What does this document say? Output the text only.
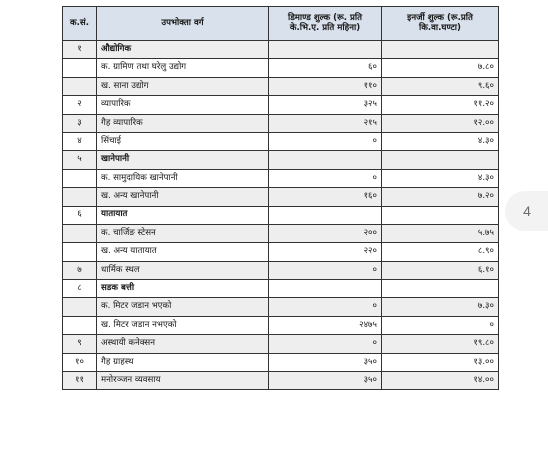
क.सं.	उपभोक्ता वर्ग	डिमाण्ड शुल्क (रू. प्रति के.भि.ए. प्रति महिना)	इनर्जी शुल्क (रू.प्रति कि.वा.घण्टा)
१	औद्योगिक		
	क. ग्रामिण तथा घरेलु उद्योग	६०	७.८०
	ख. साना उद्योग	११०	९.६०
२	व्यापारिक	३२५	११.२०
३	गैह व्यापारिक	२१५	१२.००
४	सिंचाई	०	४.३०
५	खानेपानी		
	क. सामुदायिक खानेपानी	०	४.३०
	ख. अन्य खानेपानी	१६०	७.२०
६	यातायात		
	क. चार्जिङ स्टेसन	२००	५.७५
	ख. अन्य यातायात	२२०	८.९०
७	धार्मिक स्थल	०	६.१०
८	सडक बत्ती		
	क. मिटर जडान भएको	०	७.३०
	ख. मिटर जडान नभएको	२४७५	०
९	अस्थायी कनेक्सन	०	१९.८०
१०	गैह ग्राहस्थ	३५०	१३.००
११	मनोरञ्जन व्यवसाय	३५०	१४.००
4
